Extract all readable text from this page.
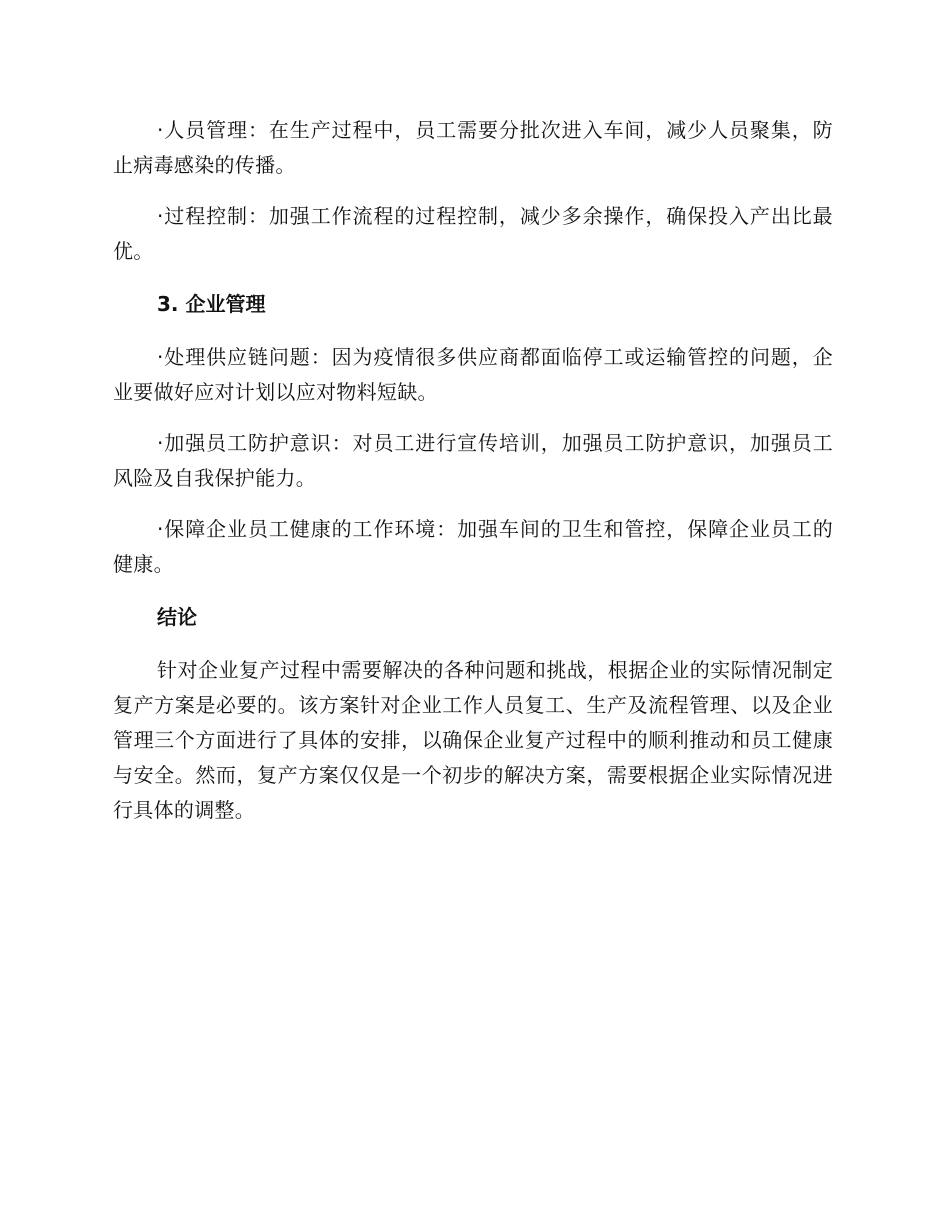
·人员管理：在生产过程中，员工需要分批次进入车间，减少人员聚集，防止病毒感染的传播。

·过程控制：加强工作流程的过程控制，减少多余操作，确保投入产出比最优。

3. 企业管理

·处理供应链问题：因为疫情很多供应商都面临停工或运输管控的问题，企业要做好应对计划以应对物料短缺。

·加强员工防护意识：对员工进行宣传培训，加强员工防护意识，加强员工风险及自我保护能力。

·保障企业员工健康的工作环境：加强车间的卫生和管控，保障企业员工的健康。

结论

针对企业复产过程中需要解决的各种问题和挑战，根据企业的实际情况制定复产方案是必要的。该方案针对企业工作人员复工、生产及流程管理、以及企业管理三个方面进行了具体的安排，以确保企业复产过程中的顺利推动和员工健康与安全。然而，复产方案仅仅是一个初步的解决方案，需要根据企业实际情况进行具体的调整。
